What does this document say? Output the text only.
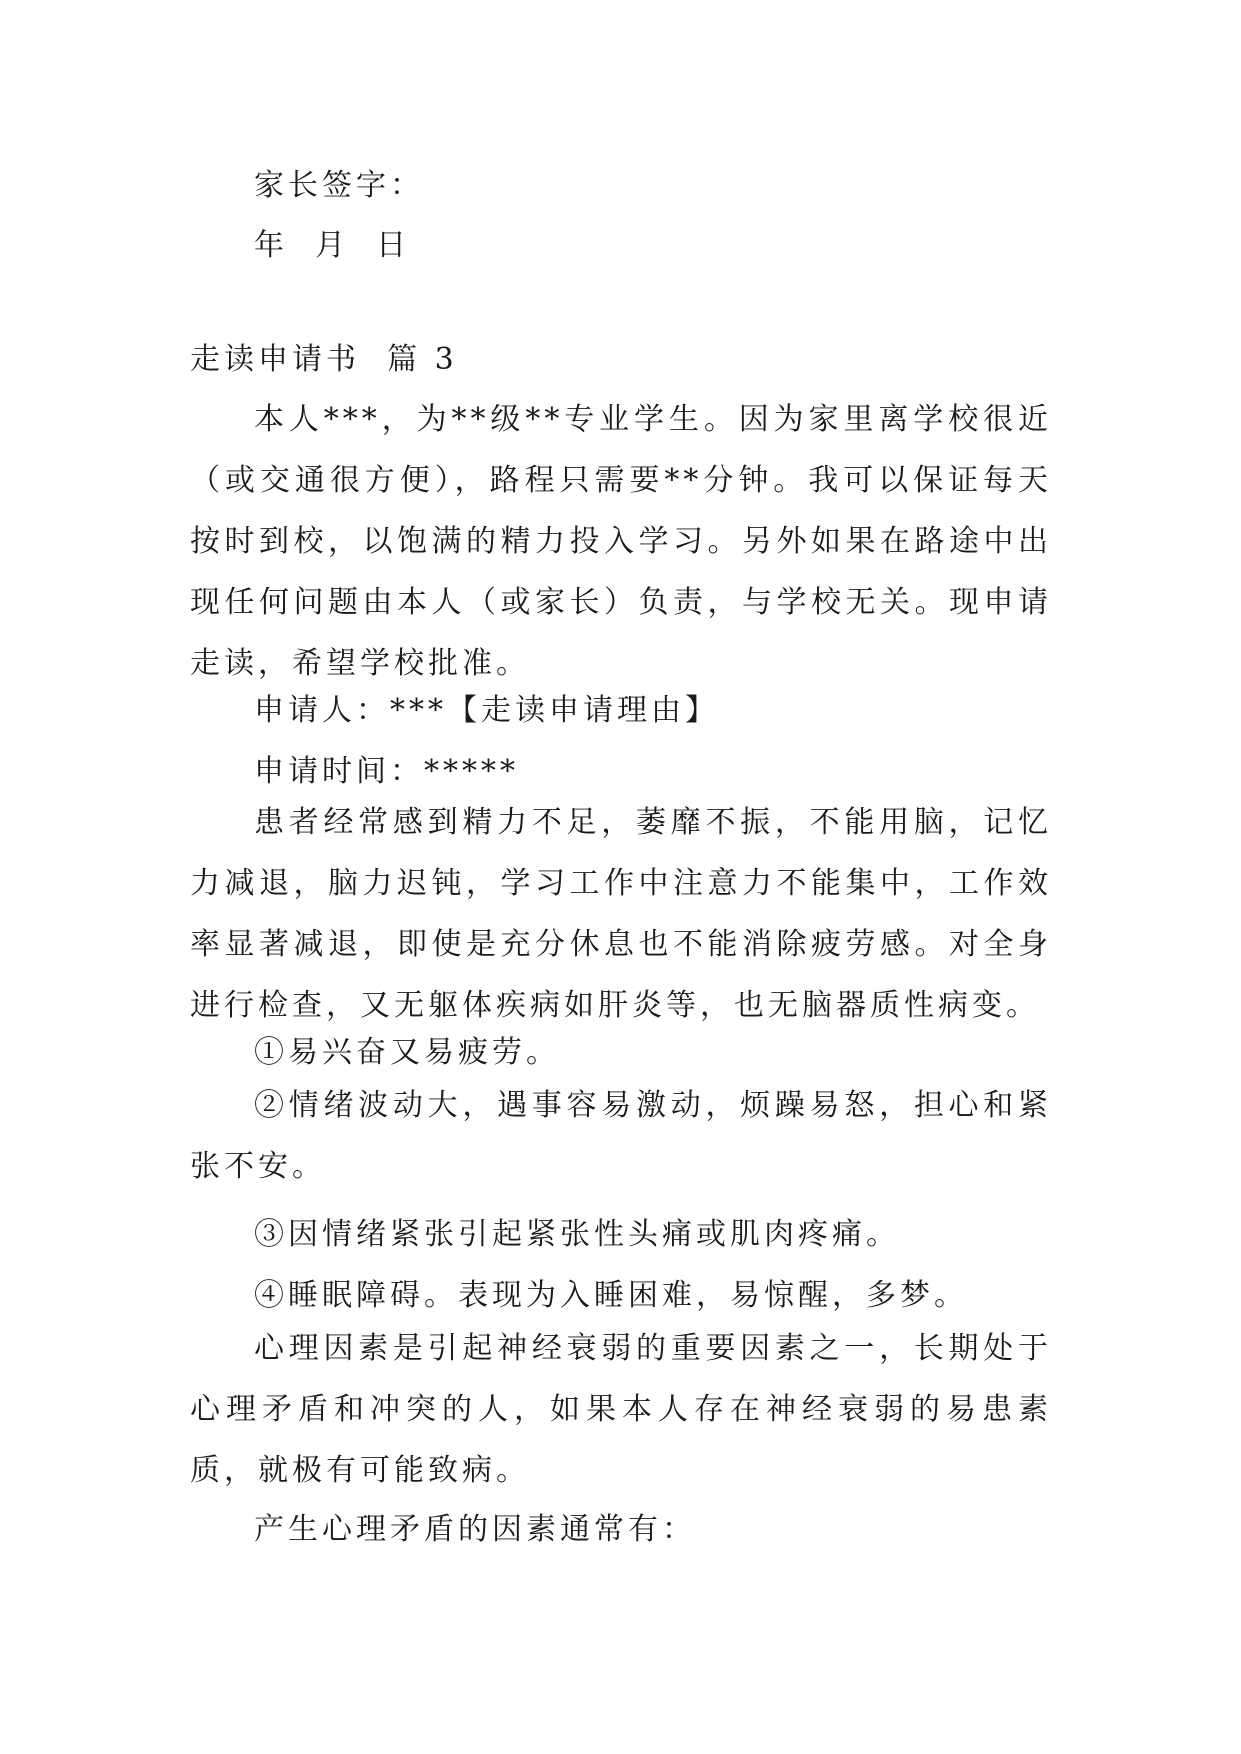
家长签字：
年  月  日
走读申请书  篇 3

本人***，为**级**专业学生。因为家里离学校很近（或交通很方便），路程只需要**分钟。我可以保证每天按时到校，以饱满的精力投入学习。另外如果在路途中出现任何问题由本人（或家长）负责，与学校无关。现申请走读，希望学校批准。

申请人：***【走读申请理由】
申请时间：*****

患者经常感到精力不足，萎靡不振，不能用脑，记忆力减退，脑力迟钝，学习工作中注意力不能集中，工作效率显著减退，即使是充分休息也不能消除疲劳感。对全身进行检查，又无躯体疾病如肝炎等，也无脑器质性病变。

①易兴奋又易疲劳。

②情绪波动大，遇事容易激动，烦躁易怒，担心和紧张不安。

③因情绪紧张引起紧张性头痛或肌肉疼痛。
④睡眠障碍。表现为入睡困难，易惊醒，多梦。

心理因素是引起神经衰弱的重要因素之一，长期处于心理矛盾和冲突的人，如果本人存在神经衰弱的易患素质，就极有可能致病。

产生心理矛盾的因素通常有：
